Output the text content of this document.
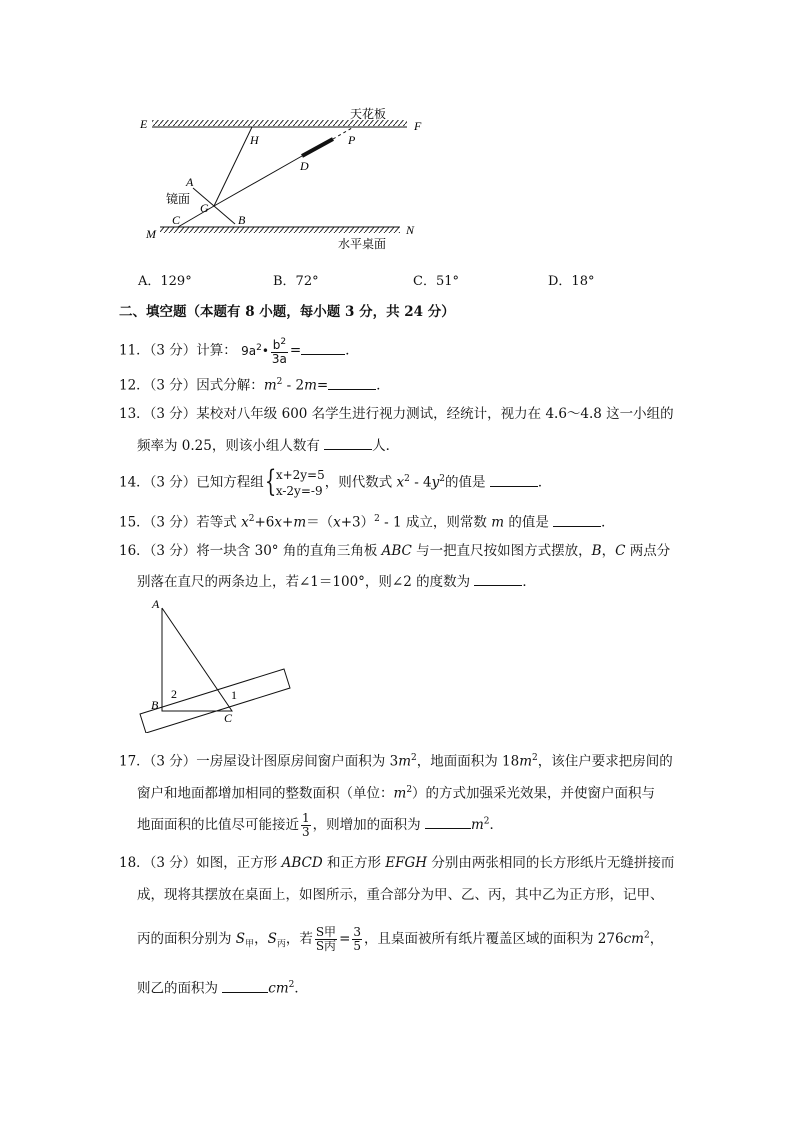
E	F
天花板
H	P
D
A
镜面
G
C	B
M	N
水平桌面
A．129°	B．72°	C．51°	D．18°
二、填空题（本题有 8 小题，每小题 3 分，共 24 分）
11．（3 分）计算： $9a^2• \frac{b^2}{3a}$ =	．
12．（3 分）因式分解：$m^2 - 2m=$	．
13．（3 分）某校对八年级 600 名学生进行视力测试，经统计，视力在 4.6～4.8 这一小组的
频率为 0.25，则该小组人数有	人．
14．（3 分）已知方程组 { x+2y=5
x-2y=-9
，则代数式 $x^2 - 4y^2$的值是	．
15．（3 分）若等式 $x^2+6x+m=(x+3)^2 - 1$ 成立，则常数 m 的值是	．
16．（3 分）将一块含 30° 角的直角三角板 ABC 与一把直尺按如图方式摆放，B，C 两点分
别落在直尺的两条边上，若∠1＝100°，则∠2 的度数为	．
A
B
C
1
2
17．（3 分）一房屋设计图原房间窗户面积为 $3m^2$，地面面积为 $18m^2$，该住户要求把房间的
窗户和地面都增加相同的整数面积（单位：$m^2$）的方式加强采光效果，并使窗户面积与
地面面积的比值尽可能接近 $\frac{1}{3}$ ，则增加的面积为	$m^2$．
18．（3 分）如图，正方形 ABCD 和正方形 EFGH 分别由两张相同的长方形纸片无缝拼接而
成，现将其摆放在桌面上，如图所示，重合部分为甲、乙、丙，其中乙为正方形，记甲、
丙的面积分别为 $S_甲$，$S_丙$，若 $\frac{\text{S甲}}{\text{S丙}} = \frac{3}{5}$ ，且桌面被所有纸片覆盖区域的面积为 $276cm^2$，
则乙的面积为	$cm^2$．
